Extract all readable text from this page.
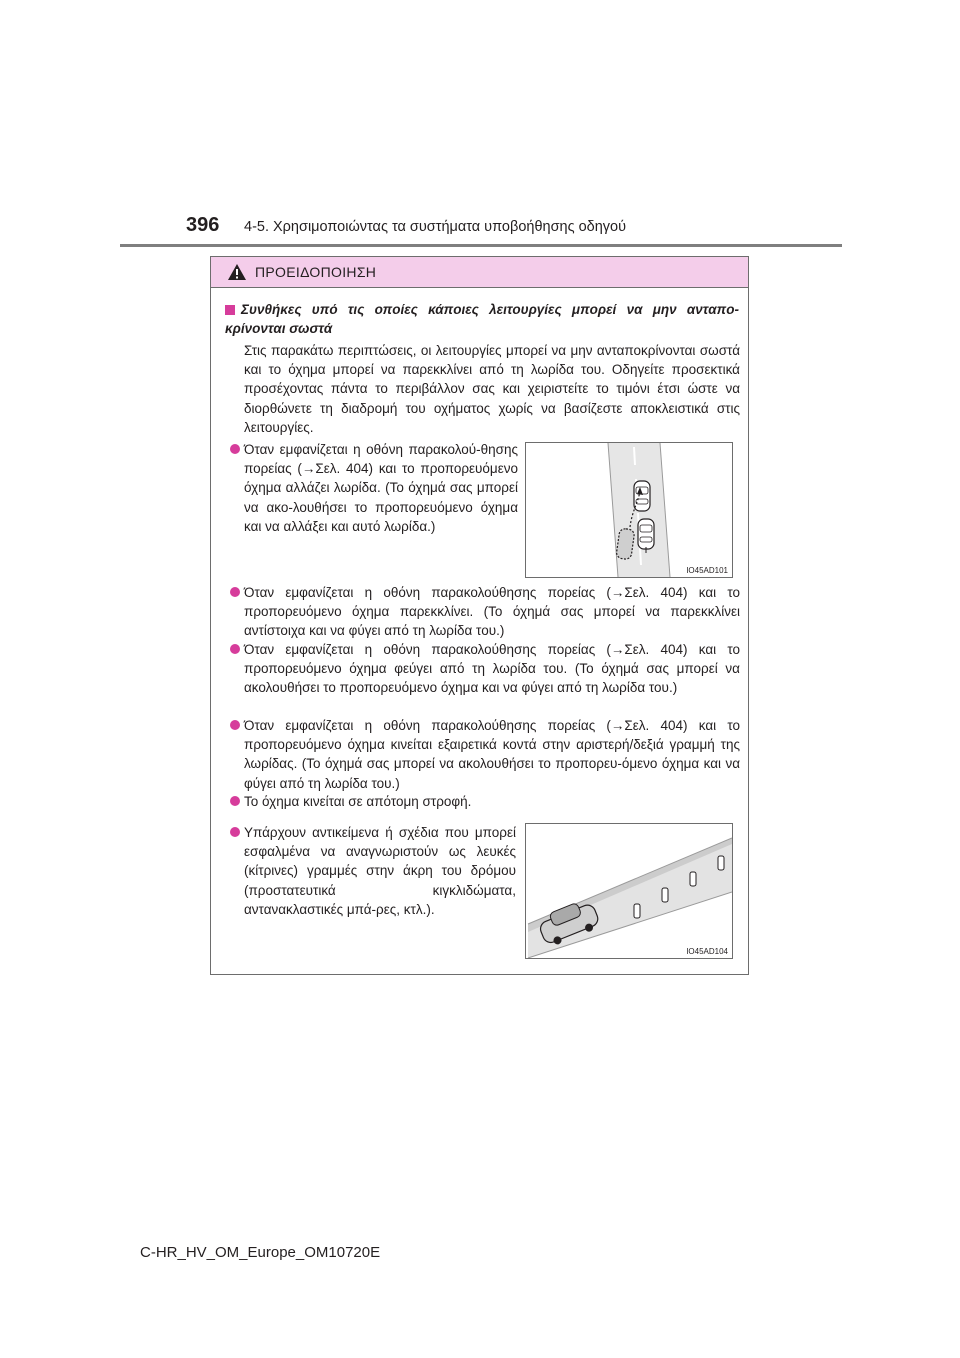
396 4-5. Χρησιμοποιώντας τα συστήματα υποβοήθησης οδηγού
ΠΡΟΕΙΔΟΠΟΙΗΣΗ
Συνθήκες υπό τις οποίες κάποιες λειτουργίες μπορεί να μην ανταπο-κρίνονται σωστά
Στις παρακάτω περιπτώσεις, οι λειτουργίες μπορεί να μην ανταποκρίνονται σωστά και το όχημα μπορεί να παρεκκλίνει από τη λωρίδα του. Οδηγείτε προσεκτικά προσέχοντας πάντα το περιβάλλον σας και χειριστείτε το τιμόνι έτσι ώστε να διορθώνετε τη διαδρομή του οχήματος χωρίς να βασίζεστε αποκλειστικά στις λειτουργίες.
Όταν εμφανίζεται η οθόνη παρακολού-θησης πορείας (→Σελ. 404) και το προπορευόμενο όχημα αλλάζει λωρίδα. (Το όχημά σας μπορεί να ακο-λουθήσει το προπορευόμενο όχημα και να αλλάξει και αυτό λωρίδα.)
IO45AD101
Όταν εμφανίζεται η οθόνη παρακολούθησης πορείας (→Σελ. 404) και το προπορευόμενο όχημα παρεκκλίνει. (Το όχημά σας μπορεί να παρεκκλίνει αντίστοιχα και να φύγει από τη λωρίδα του.)
Όταν εμφανίζεται η οθόνη παρακολούθησης πορείας (→Σελ. 404) και το προπορευόμενο όχημα φεύγει από τη λωρίδα του. (Το όχημά σας μπορεί να ακολουθήσει το προπορευόμενο όχημα και να φύγει από τη λωρίδα του.)
Όταν εμφανίζεται η οθόνη παρακολούθησης πορείας (→Σελ. 404) και το προπορευόμενο όχημα κινείται εξαιρετικά κοντά στην αριστερή/δεξιά γραμμή της λωρίδας. (Το όχημά σας μπορεί να ακολουθήσει το προπορευ-όμενο όχημα και να φύγει από τη λωρίδα του.)
Το όχημα κινείται σε απότομη στροφή.
Υπάρχουν αντικείμενα ή σχέδια που μπορεί εσφαλμένα να αναγνωριστούν ως λευκές (κίτρινες) γραμμές στην άκρη του δρόμου (προστατευτικά κιγκλιδώματα, αντανακλαστικές μπά-ρες, κτλ.).
IO45AD104
C-HR_HV_OM_Europe_OM10720E
